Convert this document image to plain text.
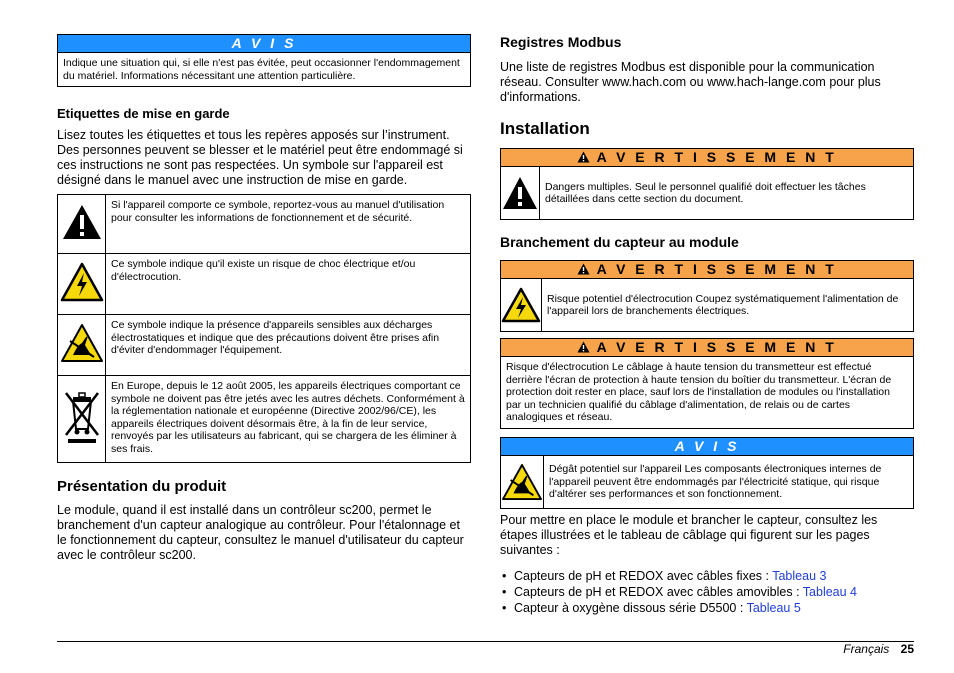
A V I S
Indique une situation qui, si elle n'est pas évitée, peut occasionner l'endommagement du matériel. Informations nécessitant une attention particulière.
Etiquettes de mise en garde
Lisez toutes les étiquettes et tous les repères apposés sur l’instrument. Des personnes peuvent se blesser et le matériel peut être endommagé si ces instructions ne sont pas respectées. Un symbole sur l'appareil est désigné dans le manuel avec une instruction de mise en garde.
	Si l'appareil comporte ce symbole, reportez-vous au manuel d'utilisation pour consulter les informations de fonctionnement et de sécurité.
	Ce symbole indique qu'il existe un risque de choc électrique et/ou d'électrocution.
	Ce symbole indique la présence d'appareils sensibles aux décharges électrostatiques et indique que des précautions doivent être prises afin d'éviter d'endommager l'équipement.
	En Europe, depuis le 12 août 2005, les appareils électriques comportant ce symbole ne doivent pas être jetés avec les autres déchets. Conformément à la réglementation nationale et européenne (Directive 2002/96/CE), les appareils électriques doivent désormais être, à la fin de leur service, renvoyés par les utilisateurs au fabricant, qui se chargera de les éliminer à ses frais.
Présentation du produit
Le module, quand il est installé dans un contrôleur sc200, permet le branchement d'un capteur analogique au contrôleur. Pour l'étalonnage et le fonctionnement du capteur, consultez le manuel d'utilisateur du capteur avec le contrôleur sc200.
Registres Modbus
Une liste de registres Modbus est disponible pour la communication réseau. Consulter www.hach.com ou www.hach-lange.com pour plus d'informations.
Installation
A V E R T I S S E M E N T
Dangers multiples. Seul le personnel qualifié doit effectuer les tâches détaillées dans cette section du document.
Branchement du capteur au module
A V E R T I S S E M E N T
Risque potentiel d'électrocution Coupez systématiquement l'alimentation de l'appareil lors de branchements électriques.
A V E R T I S S E M E N T
Risque d'électrocution Le câblage à haute tension du transmetteur est effectué derrière l'écran de protection à haute tension du boîtier du transmetteur. L'écran de protection doit rester en place, sauf lors de l'installation de modules ou l'installation par un technicien qualifié du câblage d'alimentation, de relais ou de cartes analogiques et réseau.
A V I S
Dégât potentiel sur l'appareil Les composants électroniques internes de l'appareil peuvent être endommagés par l'électricité statique, qui risque d'altérer ses performances et son fonctionnement.
Pour mettre en place le module et brancher le capteur, consultez les étapes illustrées et le tableau de câblage qui figurent sur les pages suivantes :
• Capteurs de pH et REDOX avec câbles fixes : Tableau 3
• Capteurs de pH et REDOX avec câbles amovibles : Tableau 4
• Capteur à oxygène dissous série D5500 : Tableau 5
Français 25
